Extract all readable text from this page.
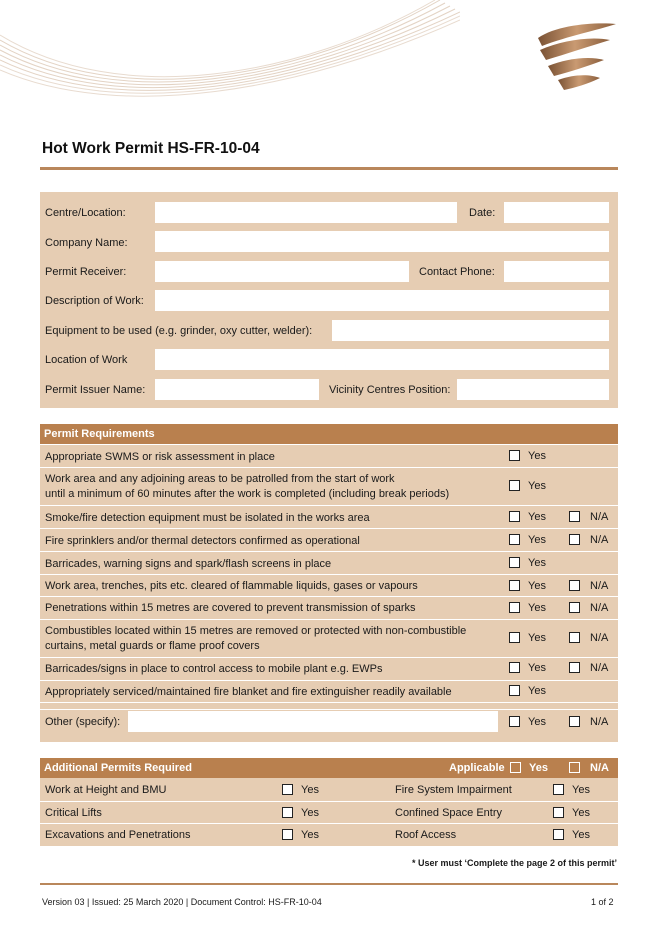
Hot Work Permit HS-FR-10-04
Centre/Location:	Date:
Company Name:
Permit Receiver:	Contact Phone:
Description of Work:
Equipment to be used (e.g. grinder, oxy cutter, welder):
Location of Work
Permit Issuer Name:	Vicinity Centres Position:
Permit Requirements
Appropriate SWMS or risk assessment in place	Yes
Work area and any adjoining areas to be patrolled from the start of work
until a minimum of 60 minutes after the work is completed (including break periods)
Yes
Smoke/fire detection equipment must be isolated in the works area	Yes	N/A
Fire sprinklers and/or thermal detectors confirmed as operational	Yes	N/A
Barricades, warning signs and spark/flash screens in place	Yes
Work area, trenches, pits etc. cleared of flammable liquids, gases or vapours	Yes	N/A
Penetrations within 15 metres are covered to prevent transmission of sparks	Yes	N/A
Combustibles located within 15 metres are removed or protected with non-combustible
curtains, metal guards or flame proof covers
Yes	N/A
Barricades/signs in place to control access to mobile plant e.g. EWPs	Yes	N/A
Appropriately serviced/maintained fire blanket and fire extinguisher readily available	Yes
Other (specify):	Yes	N/A
Additional Permits Required	Applicable Yes	N/A
Work at Height and BMU	Yes	Fire System Impairment	Yes
Critical Lifts	Yes	Confined Space Entry	Yes
Excavations and Penetrations	Yes	Roof Access	Yes
* User must ‘Complete the page 2 of this permit’
Version 03 | Issued: 25 March 2020 | Document Control: HS-FR-10-04	1 of 2
